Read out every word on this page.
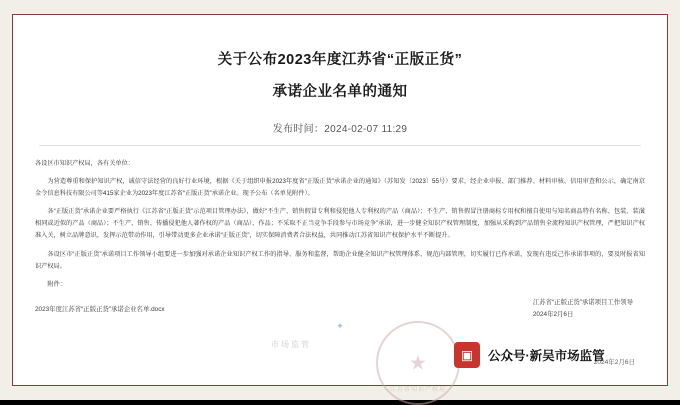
关于公布2023年度江苏省“正版正货”
承诺企业名单的通知
发布时间：2024-02-07 11:29

各设区市知识产权局，各有关单位：

为营造尊重和保护知识产权，诚信守法经营的良好行业环境，根据《关于组织申报2023年度省“正版正货”承诺企业的通知》（苏知发〔2023〕55号）要求，经企业申报、部门推荐、材料审核、信用审查和公示，确定南京金令信息科技有限公司等415家企业为2023年度江苏省“正版正货”承诺企业。现予公布（名单见附件）。

各“正版正货”承诺企业要严格执行《江苏省“正版正货”示范项目管理办法》，做好“不生产、销售假冒专利和侵犯他人专利权的产品（商品）；不生产、销售假冒注册商标专用权和擅自使用与知名商品特有名称、包装、装潢相同或近似的产品（商品）；不生产、销售、传播侵犯他人著作权的产品（商品）、作品；不采取不正当竞争手段参与市场竞争”承诺，进一步健全知识产权管理制度，加强从采购到产品销售全流程知识产权管理，严把知识产权准入关，树立品牌意识，发挥示范带动作用，引导带动更多企业承诺“正版正货”，切实保障消费者合法权益，共同推动江苏省知识产权保护水平不断提升。

各设区市“正版正货”承诺项目工作领导小组要进一步加强对承诺企业知识产权工作的指导、服务和监督，帮助企业健全知识产权管理体系、规范内部管理，切实履行已作承诺，发现有违反己作承诺事项的，要及时报省知识产权局。

附件：
2023年度江苏省“正版正货”承诺企业名单.docx
江苏省“正版正货”承诺项目工作领导
2024年2月6日
✦
★
江苏省知识产权局
市场监管
2024年2月6日
▣ 公众号·新吴市场监管
